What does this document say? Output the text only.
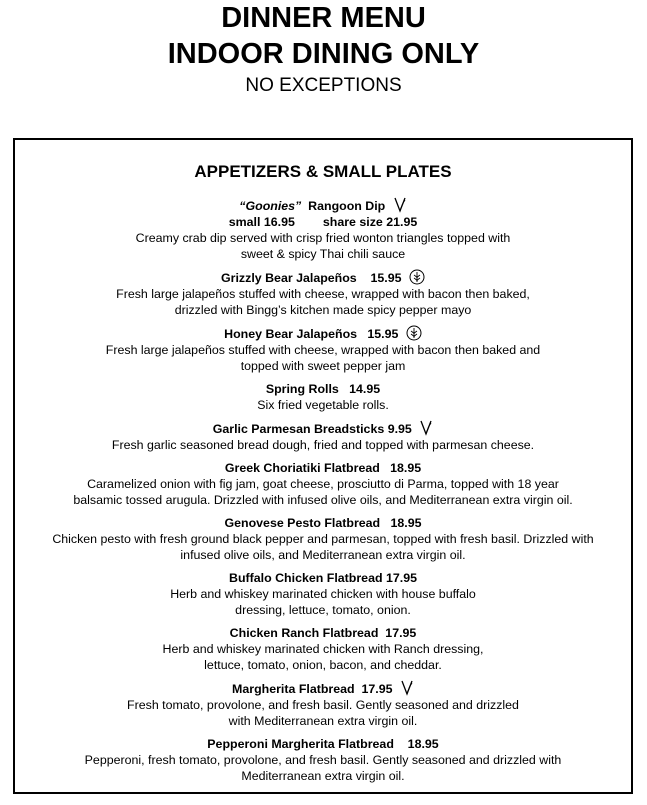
DINNER MENU
INDOOR DINING ONLY
NO EXCEPTIONS
APPETIZERS & SMALL PLATES
“Goonies” Rangoon Dip
small 16.95 share size 21.95
Creamy crab dip served with crisp fried wonton triangles topped with
sweet & spicy Thai chili sauce
Grizzly Bear Jalapeños 15.95
Fresh large jalapeños stuffed with cheese, wrapped with bacon then baked,
drizzled with Bingg’s kitchen made spicy pepper mayo
Honey Bear Jalapeños 15.95
Fresh large jalapeños stuffed with cheese, wrapped with bacon then baked and
topped with sweet pepper jam
Spring Rolls 14.95
Six fried vegetable rolls.
Garlic Parmesan Breadsticks 9.95
Fresh garlic seasoned bread dough, fried and topped with parmesan cheese.
Greek Choriatiki Flatbread 18.95
Caramelized onion with fig jam, goat cheese, prosciutto di Parma, topped with 18 year
balsamic tossed arugula. Drizzled with infused olive oils, and Mediterranean extra virgin oil.
Genovese Pesto Flatbread 18.95
Chicken pesto with fresh ground black pepper and parmesan, topped with fresh basil. Drizzled with
infused olive oils, and Mediterranean extra virgin oil.
Buffalo Chicken Flatbread 17.95
Herb and whiskey marinated chicken with house buffalo
dressing, lettuce, tomato, onion.
Chicken Ranch Flatbread 17.95
Herb and whiskey marinated chicken with Ranch dressing,
lettuce, tomato, onion, bacon, and cheddar.
Margherita Flatbread 17.95
Fresh tomato, provolone, and fresh basil. Gently seasoned and drizzled
with Mediterranean extra virgin oil.
Pepperoni Margherita Flatbread 18.95
Pepperoni, fresh tomato, provolone, and fresh basil. Gently seasoned and drizzled with
Mediterranean extra virgin oil.
